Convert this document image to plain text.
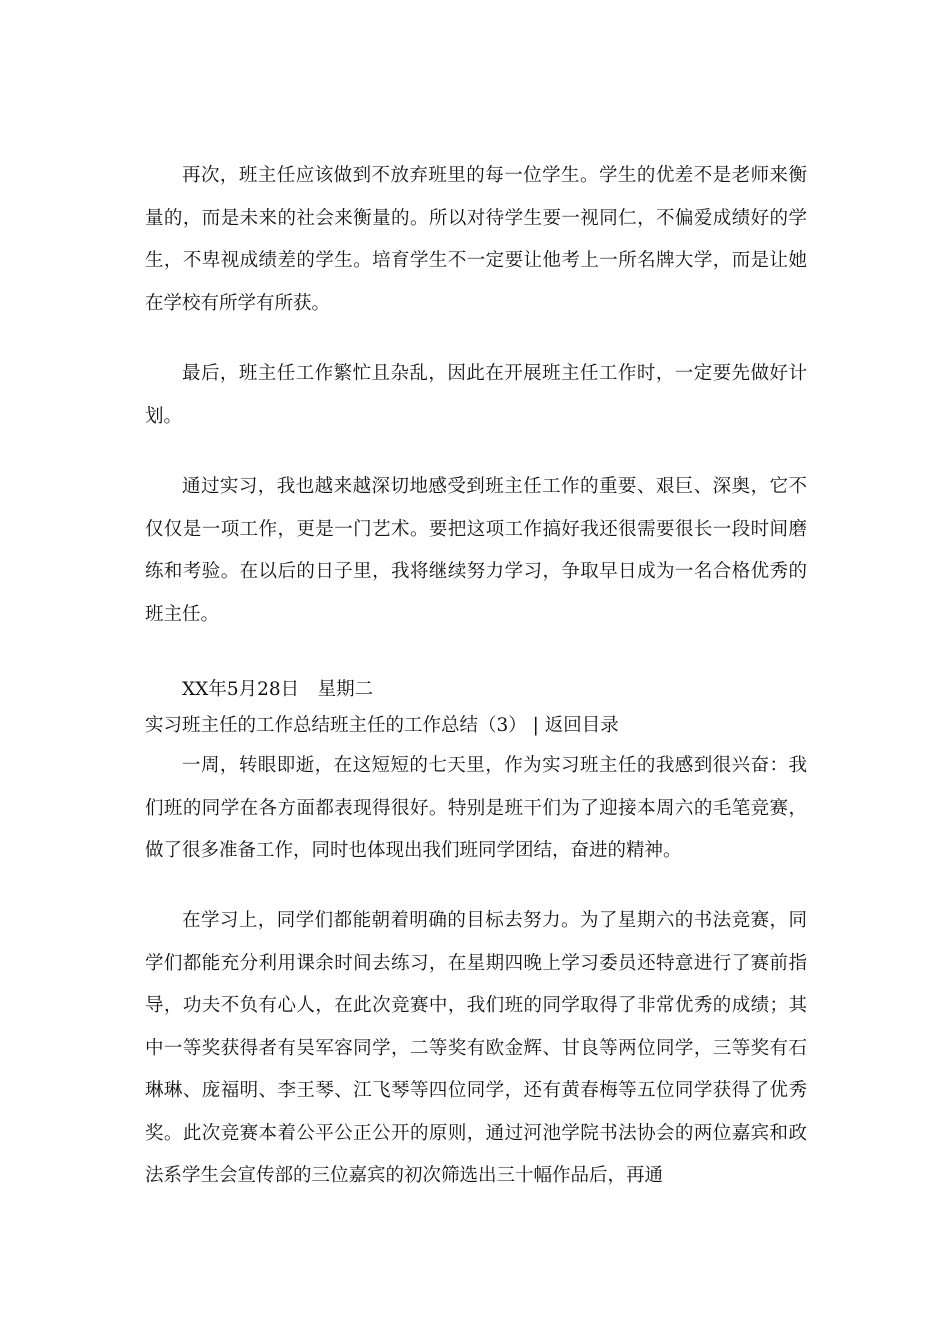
再次，班主任应该做到不放弃班里的每一位学生。学生的优差不是老师来衡量的，而是未来的社会来衡量的。所以对待学生要一视同仁，不偏爱成绩好的学生，不卑视成绩差的学生。培育学生不一定要让他考上一所名牌大学，而是让她在学校有所学有所获。

最后，班主任工作繁忙且杂乱，因此在开展班主任工作时，一定要先做好计划。

通过实习，我也越来越深切地感受到班主任工作的重要、艰巨、深奥，它不仅仅是一项工作，更是一门艺术。要把这项工作搞好我还很需要很长一段时间磨练和考验。在以后的日子里，我将继续努力学习，争取早日成为一名合格优秀的班主任。

XX年5月28日　星期二

实习班主任的工作总结班主任的工作总结（3） | 返回目录

一周，转眼即逝，在这短短的七天里，作为实习班主任的我感到很兴奋：我们班的同学在各方面都表现得很好。特别是班干们为了迎接本周六的毛笔竞赛，做了很多准备工作，同时也体现出我们班同学团结，奋进的精神。

在学习上，同学们都能朝着明确的目标去努力。为了星期六的书法竞赛，同学们都能充分利用课余时间去练习，在星期四晚上学习委员还特意进行了赛前指导，功夫不负有心人，在此次竞赛中，我们班的同学取得了非常优秀的成绩；其中一等奖获得者有吴军容同学，二等奖有欧金辉、甘良等两位同学，三等奖有石琳琳、庞福明、李王琴、江飞琴等四位同学，还有黄春梅等五位同学获得了优秀奖。此次竞赛本着公平公正公开的原则，通过河池学院书法协会的两位嘉宾和政法系学生会宣传部的三位嘉宾的初次筛选出三十幅作品后，再通
